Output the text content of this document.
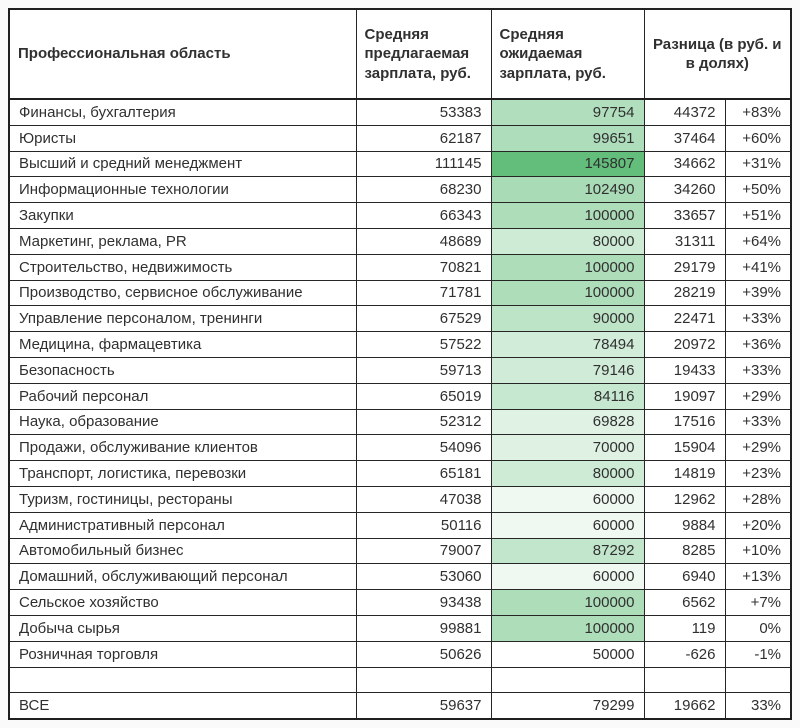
Профессиональная область	Средняя предлагаемая зарплата, руб.	Средняя ожидаемая зарплата, руб.	Разница (в руб. и в долях)	
Финансы, бухгалтерия	53383	97754	44372	+83%
Юристы	62187	99651	37464	+60%
Высший и средний менеджмент	111145	145807	34662	+31%
Информационные технологии	68230	102490	34260	+50%
Закупки	66343	100000	33657	+51%
Маркетинг, реклама, PR	48689	80000	31311	+64%
Строительство, недвижимость	70821	100000	29179	+41%
Производство, сервисное обслуживание	71781	100000	28219	+39%
Управление персоналом, тренинги	67529	90000	22471	+33%
Медицина, фармацевтика	57522	78494	20972	+36%
Безопасность	59713	79146	19433	+33%
Рабочий персонал	65019	84116	19097	+29%
Наука, образование	52312	69828	17516	+33%
Продажи, обслуживание клиентов	54096	70000	15904	+29%
Транспорт, логистика, перевозки	65181	80000	14819	+23%
Туризм, гостиницы, рестораны	47038	60000	12962	+28%
Административный персонал	50116	60000	9884	+20%
Автомобильный бизнес	79007	87292	8285	+10%
Домашний, обслуживающий персонал	53060	60000	6940	+13%
Сельское хозяйство	93438	100000	6562	+7%
Добыча сырья	99881	100000	119	0%
Розничная торговля	50626	50000	-626	-1%

ВСЕ	59637	79299	19662	33%
